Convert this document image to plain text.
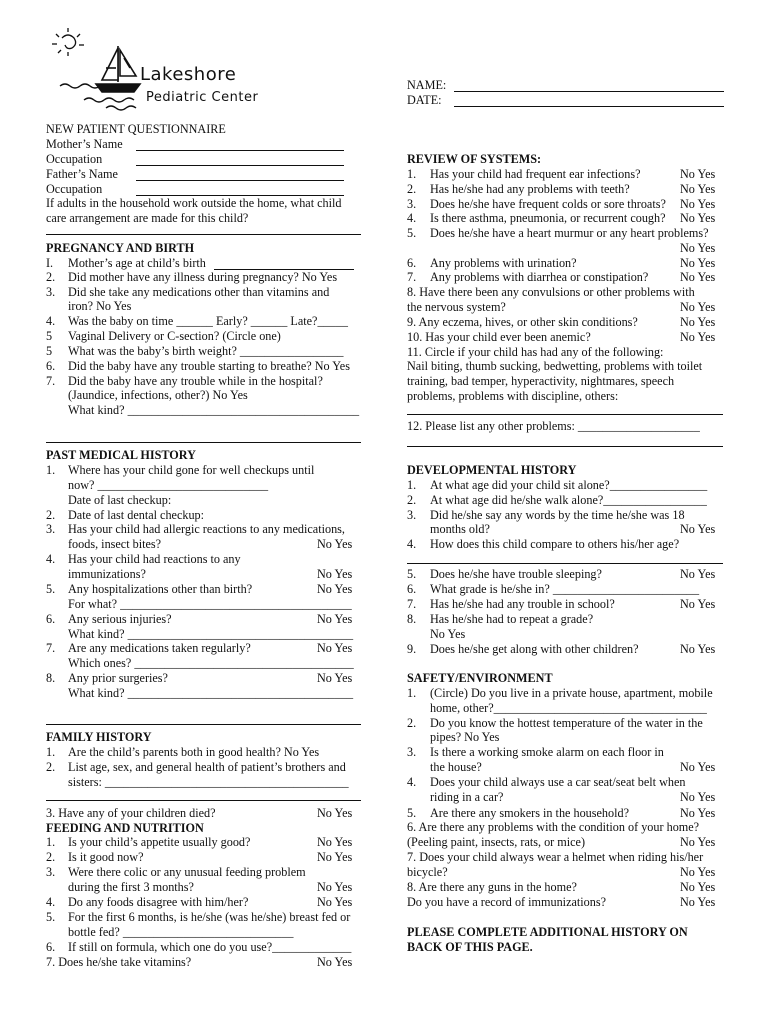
Lakeshore
Pediatric Center
NAME:
DATE:
NEW PATIENT QUESTIONNAIRE
Mother’s Name
Occupation
Father’s Name
Occupation
If adults in the household work outside the home, what child
care arrangement are made for this child?
PREGNANCY AND BIRTH
I. Mother’s age at child’s birth
2. Did mother have any illness during pregnancy? No Yes
3. Did she take any medications other than vitamins and
iron? No Yes
4. Was the baby on time ______ Early? ______ Late?_____
5 Vaginal Delivery or C-section? (Circle one)
5 What was the baby’s birth weight? _________________
6. Did the baby have any trouble starting to breathe? No Yes
7. Did the baby have any trouble while in the hospital?
(Jaundice, infections, other?) No Yes
What kind? ______________________________________
PAST MEDICAL HISTORY
1. Where has your child gone for well checkups until
now? ____________________________
Date of last checkup:
2. Date of last dental checkup:
3. Has your child had allergic reactions to any medications,
foods, insect bites?	No Yes
4. Has your child had reactions to any
immunizations?	No Yes
5. Any hospitalizations other than birth?	No Yes
For what? ______________________________________
6. Any serious injuries?	No Yes
What kind? _____________________________________
7. Are any medications taken regularly?	No Yes
Which ones? ____________________________________
8. Any prior surgeries?	No Yes
What kind? _____________________________________
FAMILY HISTORY
1. Are the child’s parents both in good health? No Yes
2. List age, sex, and general health of patient’s brothers and
sisters: ________________________________________
3. Have any of your children died?	No Yes
FEEDING AND NUTRITION
1. Is your child’s appetite usually good?	No Yes
2. Is it good now?	No Yes
3. Were there colic or any unusual feeding problem
during the first 3 months?	No Yes
4. Do any foods disagree with him/her?	No Yes
5. For the first 6 months, is he/she (was he/she) breast fed or
bottle fed? ____________________________
6. If still on formula, which one do you use?_____________
7. Does he/she take vitamins?	No Yes
REVIEW OF SYSTEMS:
1. Has your child had frequent ear infections?	No Yes
2. Has he/she had any problems with teeth?	No Yes
3. Does he/she have frequent colds or sore throats? No Yes
4. Is there asthma, pneumonia, or recurrent cough? No Yes
5. Does he/she have a heart murmur or any heart problems?
No Yes
6. Any problems with urination?	No Yes
7. Any problems with diarrhea or constipation?	No Yes
8. Have there been any convulsions or other problems with
the nervous system?	No Yes
9. Any eczema, hives, or other skin conditions?	No Yes
10. Has your child ever been anemic?	No Yes
11. Circle if your child has had any of the following:
Nail biting, thumb sucking, bedwetting, problems with toilet
training, bad temper, hyperactivity, nightmares, speech
problems, problems with discipline, others:
12. Please list any other problems: ____________________
DEVELOPMENTAL HISTORY
1. At what age did your child sit alone?________________
2. At what age did he/she walk alone?_________________
3. Did he/she say any words by the time he/she was 18
months old?	No Yes
4. How does this child compare to others his/her age?
5. Does he/she have trouble sleeping?	No Yes
6. What grade is he/she in? ________________________
7. Has he/she had any trouble in school?	No Yes
8. Has he/she had to repeat a grade?
No Yes
9. Does he/she get along with other children?	No Yes
SAFETY/ENVIRONMENT
1. (Circle) Do you live in a private house, apartment, mobile
home, other?___________________________________
2. Do you know the hottest temperature of the water in the
pipes? No Yes
3. Is there a working smoke alarm on each floor in
the house?	No Yes
4. Does your child always use a car seat/seat belt when
riding in a car?	No Yes
5. Are there any smokers in the household?	No Yes
6. Are there any problems with the condition of your home?
(Peeling paint, insects, rats, or mice)	No Yes
7. Does your child always wear a helmet when riding his/her
bicycle?	No Yes
8. Are there any guns in the home?	No Yes
Do you have a record of immunizations?	No Yes
PLEASE COMPLETE ADDITIONAL HISTORY ON
BACK OF THIS PAGE.
